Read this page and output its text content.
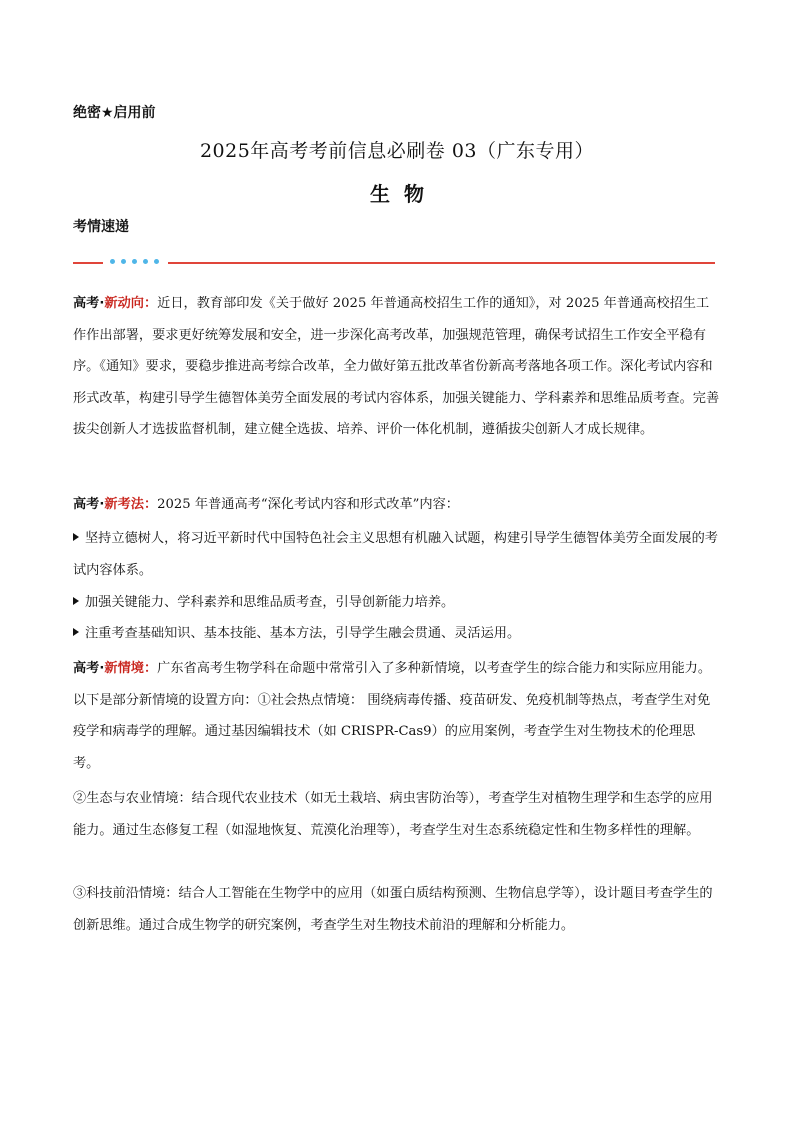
绝密★启用前
2025年高考考前信息必刷卷 03（广东专用）
生  物
考情速递
高考·新动向：近日，教育部印发《关于做好 2025 年普通高校招生工作的通知》，对 2025 年普通高校招生工作作出部署，要求更好统筹发展和安全，进一步深化高考改革，加强规范管理，确保考试招生工作安全平稳有序。《通知》要求，要稳步推进高考综合改革，全力做好第五批改革省份新高考落地各项工作。深化考试内容和形式改革，构建引导学生德智体美劳全面发展的考试内容体系，加强关键能力、学科素养和思维品质考查。完善拔尖创新人才选拔监督机制，建立健全选拔、培养、评价一体化机制，遵循拔尖创新人才成长规律。
高考·新考法：2025 年普通高考“深化考试内容和形式改革”内容：
坚持立德树人，将习近平新时代中国特色社会主义思想有机融入试题，构建引导学生德智体美劳全面发展的考试内容体系。
加强关键能力、学科素养和思维品质考查，引导创新能力培养。
注重考查基础知识、基本技能、基本方法，引导学生融会贯通、灵活运用。
高考·新情境：广东省高考生物学科在命题中常常引入了多种新情境，以考查学生的综合能力和实际应用能力。以下是部分新情境的设置方向：①社会热点情境： 围绕病毒传播、疫苗研发、免疫机制等热点，考查学生对免疫学和病毒学的理解。通过基因编辑技术（如 CRISPR-Cas9）的应用案例，考查学生对生物技术的伦理思考。
②生态与农业情境：结合现代农业技术（如无土栽培、病虫害防治等），考查学生对植物生理学和生态学的应用能力。通过生态修复工程（如湿地恢复、荒漠化治理等），考查学生对生态系统稳定性和生物多样性的理解。
③科技前沿情境：结合人工智能在生物学中的应用（如蛋白质结构预测、生物信息学等），设计题目考查学生的创新思维。通过合成生物学的研究案例，考查学生对生物技术前沿的理解和分析能力。
